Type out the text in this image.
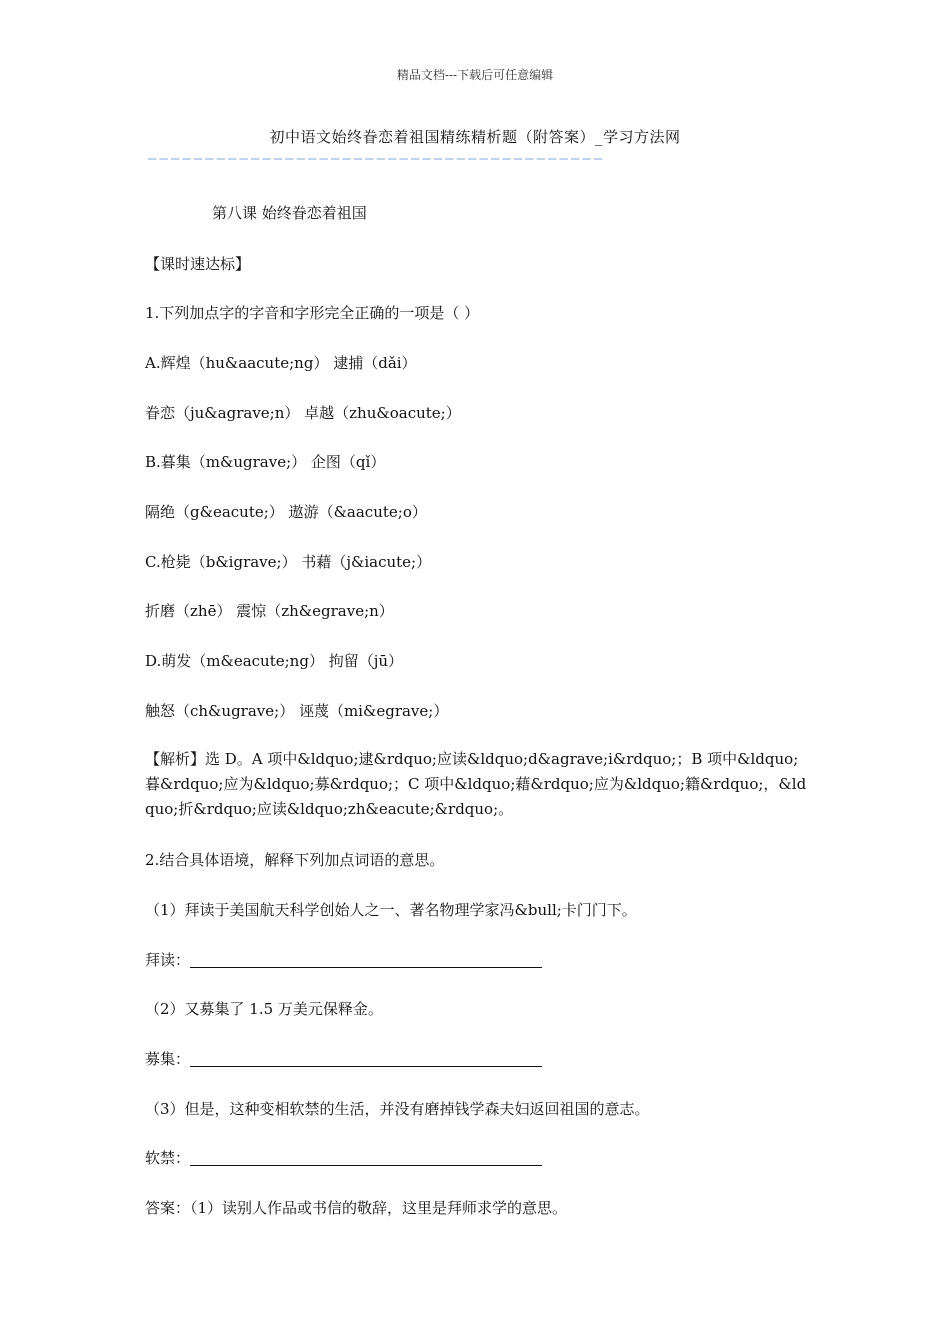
精品文档---下载后可任意编辑
初中语文始终眷恋着祖国精练精析题（附答案）_学习方法网
————————————————————————————————————————
第八课 始终眷恋着祖国
【课时速达标】
1.下列加点字的字音和字形完全正确的一项是（ ）
A.辉煌（hu&aacute;ng） 逮捕（dǎi）
眷恋（ju&agrave;n） 卓越（zhu&oacute;）
B.暮集（m&ugrave;） 企图（qǐ）
隔绝（g&eacute;） 遨游（&aacute;o）
C.枪毙（b&igrave;） 书藉（j&iacute;）
折磨（zhē） 震惊（zh&egrave;n）
D.萌发（m&eacute;ng） 拘留（jū）
触怒（ch&ugrave;） 诬蔑（mi&egrave;）
【解析】选 D。A 项中&ldquo;逮&rdquo;应读&ldquo;d&agrave;i&rdquo;；B 项中&ldquo;暮&rdquo;应为&ldquo;募&rdquo;；C 项中&ldquo;藉&rdquo;应为&ldquo;籍&rdquo;，&ldquo;折&rdquo;应读&ldquo;zh&eacute;&rdquo;。
2.结合具体语境，解释下列加点词语的意思。
（1）拜读于美国航天科学创始人之一、著名物理学家冯&bull;卡门门下。
拜读：
（2）又募集了 1.5 万美元保释金。
募集：
（3）但是，这种变相软禁的生活，并没有磨掉钱学森夫妇返回祖国的意志。
软禁：
答案：（1）读别人作品或书信的敬辞，这里是拜师求学的意思。
